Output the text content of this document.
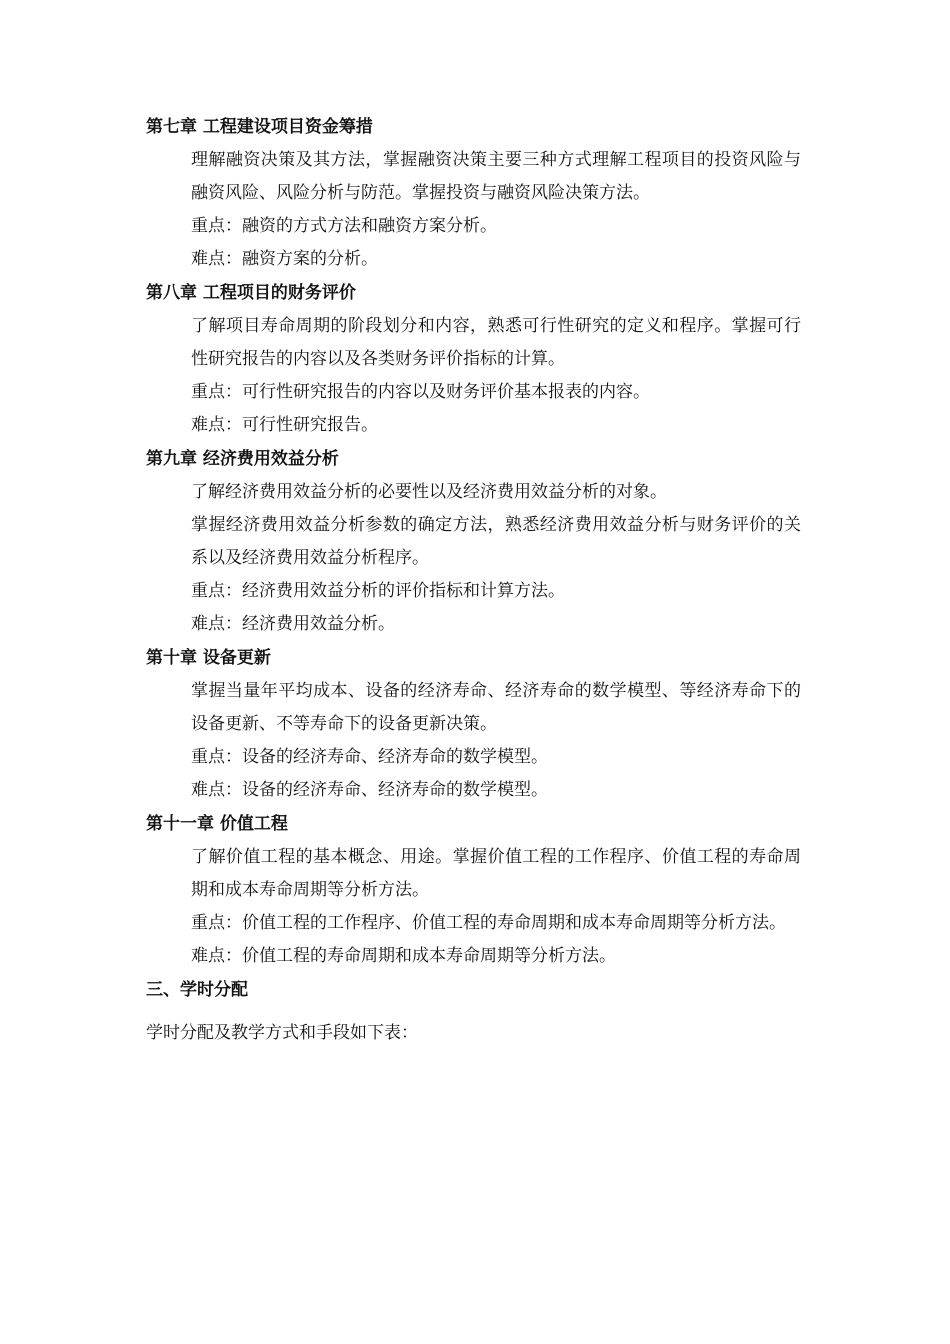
第七章 工程建设项目资金筹措

理解融资决策及其方法，掌握融资决策主要三种方式理解工程项目的投资风险与融资风险、风险分析与防范。掌握投资与融资风险决策方法。

重点：融资的方式方法和融资方案分析。

难点：融资方案的分析。

第八章 工程项目的财务评价

了解项目寿命周期的阶段划分和内容，熟悉可行性研究的定义和程序。掌握可行性研究报告的内容以及各类财务评价指标的计算。

重点：可行性研究报告的内容以及财务评价基本报表的内容。

难点：可行性研究报告。

第九章 经济费用效益分析

了解经济费用效益分析的必要性以及经济费用效益分析的对象。

掌握经济费用效益分析参数的确定方法，熟悉经济费用效益分析与财务评价的关系以及经济费用效益分析程序。

重点：经济费用效益分析的评价指标和计算方法。

难点：经济费用效益分析。

第十章 设备更新

掌握当量年平均成本、设备的经济寿命、经济寿命的数学模型、等经济寿命下的设备更新、不等寿命下的设备更新决策。

重点：设备的经济寿命、经济寿命的数学模型。

难点：设备的经济寿命、经济寿命的数学模型。

第十一章 价值工程

了解价值工程的基本概念、用途。掌握价值工程的工作程序、价值工程的寿命周期和成本寿命周期等分析方法。

重点：价值工程的工作程序、价值工程的寿命周期和成本寿命周期等分析方法。

难点：价值工程的寿命周期和成本寿命周期等分析方法。

三、学时分配

学时分配及教学方式和手段如下表：
